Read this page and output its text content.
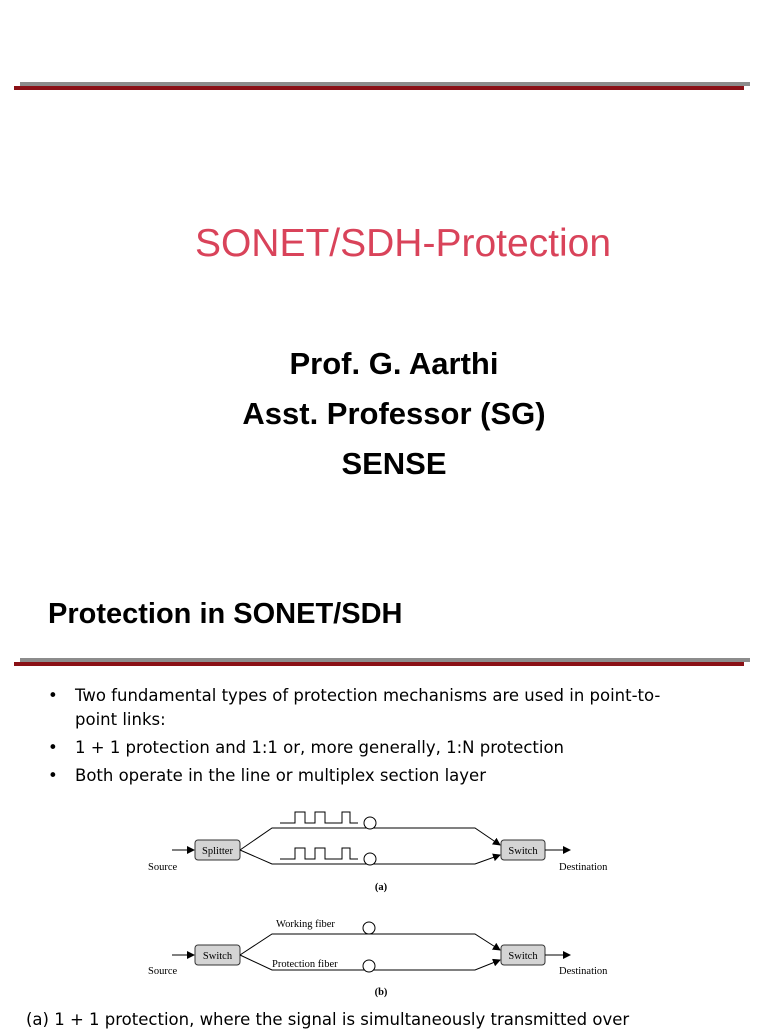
SONET/SDH-Protection
Prof. G. Aarthi
Asst. Professor (SG)
SENSE
Protection in SONET/SDH
• Two fundamental types of protection mechanisms are used in point-to-
point links:
• 1 + 1 protection and 1:1 or, more generally, 1:N protection
• Both operate in the line or multiplex section layer
Splitter	Switch
Source	Destination
(a)
Switch
Working fiber
Protection fiber
Switch
Source	Destination
(b)
(a) 1 + 1 protection, where the signal is simultaneously transmitted over
